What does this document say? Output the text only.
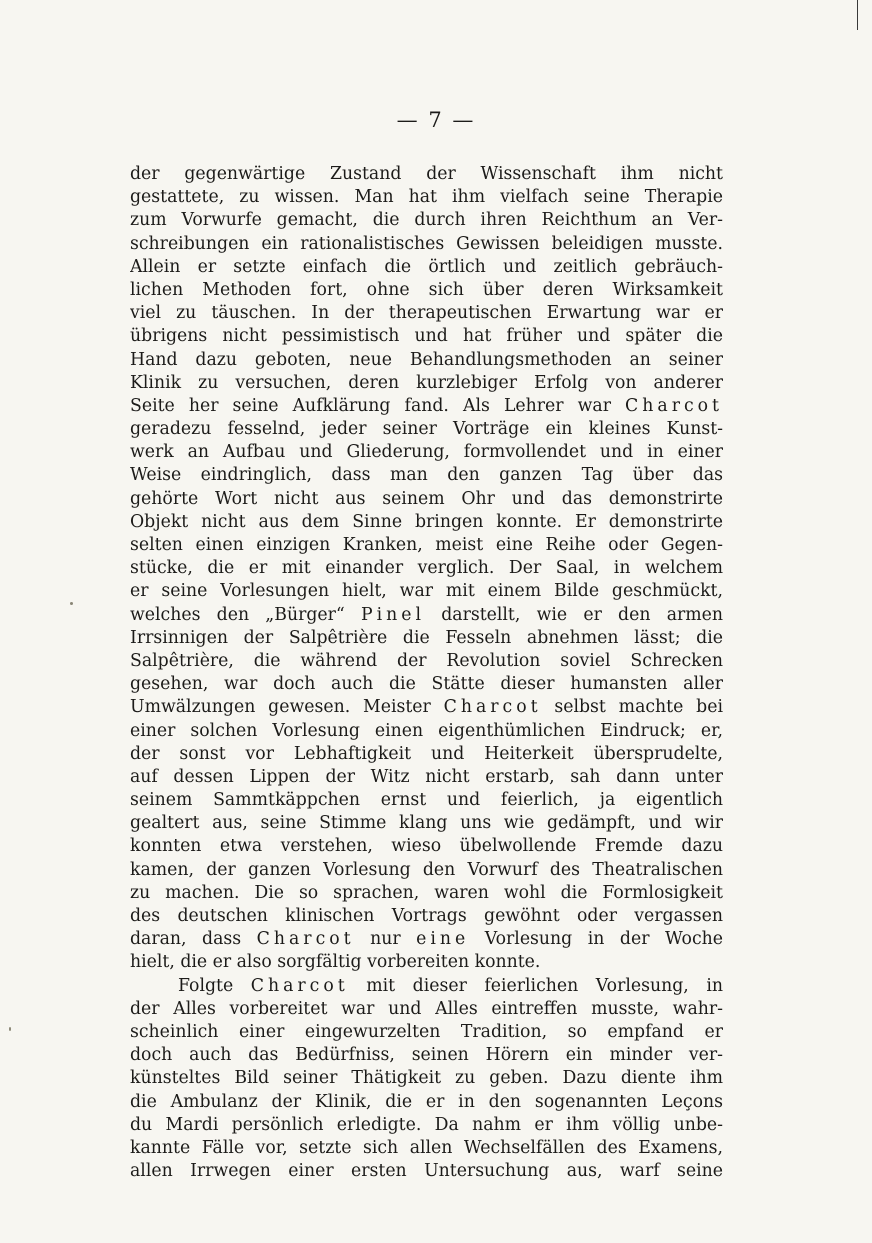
— 7 —
der gegenwärtige Zustand der Wissenschaft ihm nicht
gestattete, zu wissen. Man hat ihm vielfach seine Therapie
zum Vorwurfe gemacht, die durch ihren Reichthum an Ver-
schreibungen ein rationalistisches Gewissen beleidigen musste.
Allein er setzte einfach die örtlich und zeitlich gebräuch-
lichen Methoden fort, ohne sich über deren Wirksamkeit
viel zu täuschen. In der therapeutischen Erwartung war er
übrigens nicht pessimistisch und hat früher und später die
Hand dazu geboten, neue Behandlungsmethoden an seiner
Klinik zu versuchen, deren kurzlebiger Erfolg von anderer
Seite her seine Aufklärung fand. Als Lehrer war Charcot
geradezu fesselnd, jeder seiner Vorträge ein kleines Kunst-
werk an Aufbau und Gliederung, formvollendet und in einer
Weise eindringlich, dass man den ganzen Tag über das
gehörte Wort nicht aus seinem Ohr und das demonstrirte
Objekt nicht aus dem Sinne bringen konnte. Er demonstrirte
selten einen einzigen Kranken, meist eine Reihe oder Gegen-
stücke, die er mit einander verglich. Der Saal, in welchem
er seine Vorlesungen hielt, war mit einem Bilde geschmückt,
welches den „Bürger“ Pinel darstellt, wie er den armen
Irrsinnigen der Salpêtrière die Fesseln abnehmen lässt; die
Salpêtrière, die während der Revolution soviel Schrecken
gesehen, war doch auch die Stätte dieser humansten aller
Umwälzungen gewesen. Meister Charcot selbst machte bei
einer solchen Vorlesung einen eigenthümlichen Eindruck; er,
der sonst vor Lebhaftigkeit und Heiterkeit übersprudelte,
auf dessen Lippen der Witz nicht erstarb, sah dann unter
seinem Sammtkäppchen ernst und feierlich, ja eigentlich
gealtert aus, seine Stimme klang uns wie gedämpft, und wir
konnten etwa verstehen, wieso übelwollende Fremde dazu
kamen, der ganzen Vorlesung den Vorwurf des Theatralischen
zu machen. Die so sprachen, waren wohl die Formlosigkeit
des deutschen klinischen Vortrags gewöhnt oder vergassen
daran, dass Charcot nur eine Vorlesung in der Woche
hielt, die er also sorgfältig vorbereiten konnte.
Folgte Charcot mit dieser feierlichen Vorlesung, in
der Alles vorbereitet war und Alles eintreffen musste, wahr-
scheinlich einer eingewurzelten Tradition, so empfand er
doch auch das Bedürfniss, seinen Hörern ein minder ver-
künsteltes Bild seiner Thätigkeit zu geben. Dazu diente ihm
die Ambulanz der Klinik, die er in den sogenannten Leçons
du Mardi persönlich erledigte. Da nahm er ihm völlig unbe-
kannte Fälle vor, setzte sich allen Wechselfällen des Examens,
allen Irrwegen einer ersten Untersuchung aus, warf seine
